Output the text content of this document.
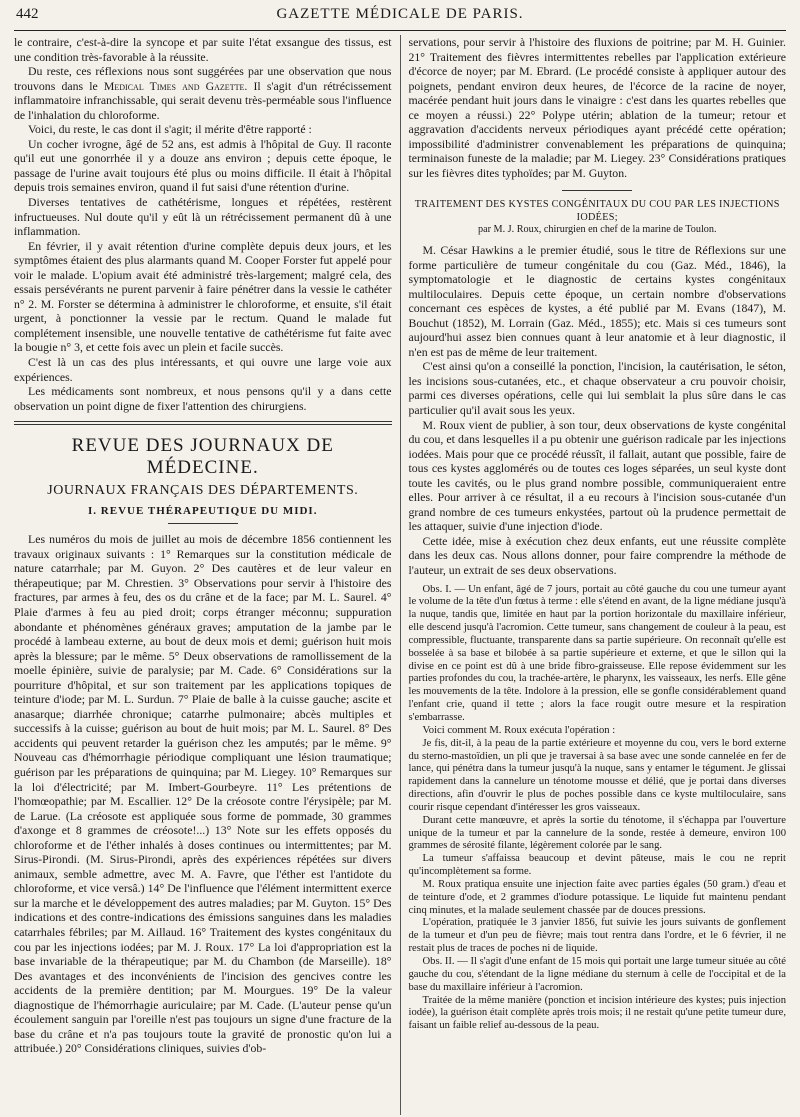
442	GAZETTE MÉDICALE DE PARIS.

le contraire, c'est-à-dire la syncope et par suite l'état exsangue des tissus, est une condition très-favorable à la réussite.

Du reste, ces réflexions nous sont suggérées par une observation que nous trouvons dans le Medical Times and Gazette. Il s'agit d'un rétrécissement inflammatoire infranchissable, qui serait devenu très-perméable sous l'influence de l'inhalation du chloroforme.

Voici, du reste, le cas dont il s'agit; il mérite d'être rapporté :

Un cocher ivrogne, âgé de 52 ans, est admis à l'hôpital de Guy. Il raconte qu'il eut une gonorrhée il y a douze ans environ ; depuis cette époque, le passage de l'urine avait toujours été plus ou moins difficile. Il était à l'hôpital depuis trois semaines environ, quand il fut saisi d'une rétention d'urine.

Diverses tentatives de cathétérisme, longues et répétées, restèrent infructueuses. Nul doute qu'il y eût là un rétrécissement permanent dû à une inflammation.

En février, il y avait rétention d'urine complète depuis deux jours, et les symptômes étaient des plus alarmants quand M. Cooper Forster fut appelé pour voir le malade. L'opium avait été administré très-largement; malgré cela, des essais persévérants ne purent parvenir à faire pénétrer dans la vessie le cathéter n° 2. M. Forster se détermina à administrer le chloroforme, et ensuite, s'il était urgent, à ponctionner la vessie par le rectum. Quand le malade fut complétement insensible, une nouvelle tentative de cathétérisme fut faite avec la bougie n° 3, et cette fois avec un plein et facile succès.

C'est là un cas des plus intéressants, et qui ouvre une large voie aux expériences.

Les médicaments sont nombreux, et nous pensons qu'il y a dans cette observation un point digne de fixer l'attention des chirurgiens.

REVUE DES JOURNAUX DE MÉDECINE.
JOURNAUX FRANÇAIS DES DÉPARTEMENTS.
I. REVUE THÉRAPEUTIQUE DU MIDI.

Les numéros du mois de juillet au mois de décembre 1856 contiennent les travaux originaux suivants : 1° Remarques sur la constitution médicale de nature catarrhale; par M. Guyon. 2° Des cautères et de leur valeur en thérapeutique; par M. Chrestien. 3° Observations pour servir à l'histoire des fractures, par armes à feu, des os du crâne et de la face; par M. L. Saurel. 4° Plaie d'armes à feu au pied droit; corps étranger méconnu; suppuration abondante et phénomènes généraux graves; amputation de la jambe par le procédé à lambeau externe, au bout de deux mois et demi; guérison huit mois après la blessure; par le même. 5° Deux observations de ramollissement de la moelle épinière, suivie de paralysie; par M. Cade. 6° Considérations sur la pourriture d'hôpital, et sur son traitement par les applications topiques de teinture d'iode; par M. L. Surdun. 7° Plaie de balle à la cuisse gauche; ascite et anasarque; diarrhée chronique; catarrhe pulmonaire; abcès multiples et successifs à la cuisse; guérison au bout de huit mois; par M. L. Saurel. 8° Des accidents qui peuvent retarder la guérison chez les amputés; par le même. 9° Nouveau cas d'hémorrhagie périodique compliquant une lésion traumatique; guérison par les préparations de quinquina; par M. Liegey. 10° Remarques sur la loi d'électricité; par M. Imbert-Gourbeyre. 11° Les prétentions de l'homœopathie; par M. Escallier. 12° De la créosote contre l'érysipèle; par M. de Larue. (La créosote est appliquée sous forme de pommade, 30 grammes d'axonge et 8 grammes de créosote!...) 13° Note sur les effets opposés du chloroforme et de l'éther inhalés à doses continues ou intermittentes; par M. Sirus-Pirondi. (M. Sirus-Pirondi, après des expériences répétées sur divers animaux, semble admettre, avec M. A. Favre, que l'éther est l'antidote du chloroforme, et vice versâ.) 14° De l'influence que l'élément intermittent exerce sur la marche et le développement des autres maladies; par M. Guyton. 15° Des indications et des contre-indications des émissions sanguines dans les maladies catarrhales fébriles; par M. Aillaud. 16° Traitement des kystes congénitaux du cou par les injections iodées; par M. J. Roux. 17° La loi d'appropriation est la base invariable de la thérapeutique; par M. du Chambon (de Marseille). 18° Des avantages et des inconvénients de l'incision des gencives contre les accidents de la première dentition; par M. Mourgues. 19° De la valeur diagnostique de l'hémorrhagie auriculaire; par M. Cade. (L'auteur pense qu'un écoulement sanguin par l'oreille n'est pas toujours un signe d'une fracture de la base du crâne et n'a pas toujours toute la gravité de pronostic qu'on lui a attribuée.) 20° Considérations cliniques, suivies d'ob-

servations, pour servir à l'histoire des fluxions de poitrine; par M. H. Guinier. 21° Traitement des fièvres intermittentes rebelles par l'application extérieure d'écorce de noyer; par M. Ebrard. (Le procédé consiste à appliquer autour des poignets, pendant environ deux heures, de l'écorce de la racine de noyer, macérée pendant huit jours dans le vinaigre : c'est dans les quartes rebelles que ce moyen a réussi.) 22° Polype utérin; ablation de la tumeur; retour et aggravation d'accidents nerveux périodiques ayant précédé cette opération; impossibilité d'administrer convenablement les préparations de quinquina; terminaison funeste de la maladie; par M. Liegey. 23° Considérations pratiques sur les fièvres dites typhoïdes; par M. Guyton.

TRAITEMENT DES KYSTES CONGÉNITAUX DU COU PAR LES INJECTIONS IODÉES;
par M. J. Roux, chirurgien en chef de la marine de Toulon.

M. César Hawkins a le premier étudié, sous le titre de Réflexions sur une forme particulière de tumeur congénitale du cou (Gaz. Méd., 1846), la symptomatologie et le diagnostic de certains kystes congénitaux multiloculaires. Depuis cette époque, un certain nombre d'observations concernant ces espèces de kystes, a été publié par M. Evans (1847), M. Bouchut (1852), M. Lorrain (Gaz. Méd., 1855); etc. Mais si ces tumeurs sont aujourd'hui assez bien connues quant à leur anatomie et à leur diagnostic, il n'en est pas de même de leur traitement.

C'est ainsi qu'on a conseillé la ponction, l'incision, la cautérisation, le séton, les incisions sous-cutanées, etc., et chaque observateur a cru pouvoir choisir, parmi ces diverses opérations, celle qui lui semblait la plus sûre dans le cas particulier qu'il avait sous les yeux.

M. Roux vient de publier, à son tour, deux observations de kyste congénital du cou, et dans lesquelles il a pu obtenir une guérison radicale par les injections iodées. Mais pour que ce procédé réussît, il fallait, autant que possible, faire de tous ces kystes agglomérés ou de toutes ces loges séparées, un seul kyste dont toute les cavités, ou le plus grand nombre possible, communiqueraient entre elles. Pour arriver à ce résultat, il a eu recours à l'incision sous-cutanée d'un grand nombre de ces tumeurs enkystées, partout où la prudence permettait de les attaquer, suivie d'une injection d'iode.

Cette idée, mise à exécution chez deux enfants, eut une réussite complète dans les deux cas. Nous allons donner, pour faire comprendre la méthode de l'auteur, un extrait de ses deux observations.

Obs. I. — Un enfant, âgé de 7 jours, portait au côté gauche du cou une tumeur ayant le volume de la tête d'un fœtus à terme : elle s'étend en avant, de la ligne médiane jusqu'à la nuque, tandis que, limitée en haut par la portion horizontale du maxillaire inférieur, elle descend jusqu'à l'acromion. Cette tumeur, sans changement de couleur à la peau, est compressible, fluctuante, transparente dans sa partie supérieure. On reconnaît qu'elle est bosselée à sa base et bilobée à sa partie supérieure et externe, et que le sillon qui la divise en ce point est dû à une bride fibro-graisseuse. Elle repose évidemment sur les parties profondes du cou, la trachée-artère, le pharynx, les vaisseaux, les nerfs. Elle gêne les mouvements de la tête. Indolore à la pression, elle se gonfle considérablement quand l'enfant crie, quand il tette ; alors la face rougit outre mesure et la respiration s'embarrasse.

Voici comment M. Roux exécuta l'opération :

Je fis, dit-il, à la peau de la partie extérieure et moyenne du cou, vers le bord externe du sterno-mastoïdien, un pli que je traversai à sa base avec une sonde cannelée en fer de lance, qui pénétra dans la tumeur jusqu'à la nuque, sans y entamer le tégument. Je glissai rapidement dans la cannelure un ténotome mousse et délié, que je portai dans diverses directions, afin d'ouvrir le plus de poches possible dans ce kyste multiloculaire, sans courir risque cependant d'intéresser les gros vaisseaux.

Durant cette manœuvre, et après la sortie du ténotome, il s'échappa par l'ouverture unique de la tumeur et par la cannelure de la sonde, restée à demeure, environ 100 grammes de sérosité filante, légèrement colorée par le sang.

La tumeur s'affaissa beaucoup et devint pâteuse, mais le cou ne reprit qu'incomplètement sa forme.

M. Roux pratiqua ensuite une injection faite avec parties égales (50 gram.) d'eau et de teinture d'ode, et 2 grammes d'iodure potassique. Le liquide fut maintenu pendant cinq minutes, et la malade seulement chassée par de douces pressions.

L'opération, pratiquée le 3 janvier 1856, fut suivie les jours suivants de gonflement de la tumeur et d'un peu de fièvre; mais tout rentra dans l'ordre, et le 6 février, il ne restait plus de traces de poches ni de liquide.

Obs. II. — Il s'agit d'une enfant de 15 mois qui portait une large tumeur située au côté gauche du cou, s'étendant de la ligne médiane du sternum à celle de l'occipital et de la base du maxillaire inférieur à l'acromion.

Traitée de la même manière (ponction et incision intérieure des kystes; puis injection iodée), la guérison était complète après trois mois; il ne restait qu'une petite tumeur dure, faisant un faible relief au-dessous de la peau.
